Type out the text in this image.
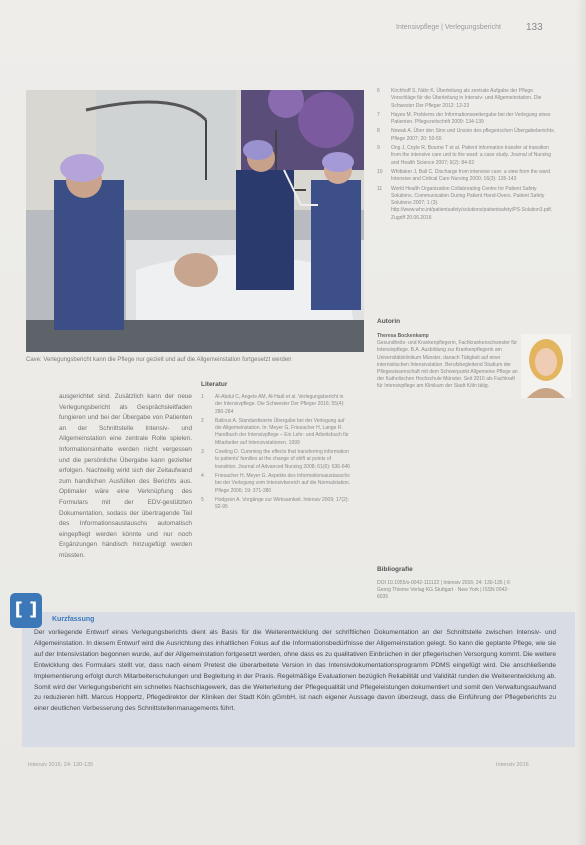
Intensivpflege | Verlegungsbericht	133
Cave: Verlegungsbericht kann die Pflege nur gezielt und auf die Allgemeinstation fortgesetzt werden

ausgerichtet sind. Zusätzlich kann der neue Verlegungsbericht als Gesprächsleitfaden fungieren und bei der Übergabe von Patienten an der Schnittstelle Intensiv- und Allgemeinstation eine zentrale Rolle spielen. Informationsinhalte werden nicht vergessen und die persönliche Übergabe kann gezielter erfolgen. Nachteilig wirkt sich der Zeitaufwand zum handlichen Ausfüllen des Berichts aus. Optimaler wäre eine Verknüpfung des Formulars mit der EDV-gestützten Dokumentation, sodass der übertragende Teil des Informationsaustauschs automatisch eingepflegt werden könnte und nur noch Ergänzungen händisch hinzugefügt werden müssten.

Literatur
1 Al-Abdul C, Angele AM, Al-Hadi et al. Verlegungsbericht in der Intensivpflege. Die Schwester Der Pfleger 2016; 55(4): 280-284
2 Ballnus A. Standardisierte Übergabe bei der Verlegung auf die Allgemeinstation. In: Meyer G, Friesacher H, Lange R. Handbuch der Intensivpflege – Ein Lehr- und Arbeitsbuch für Mitarbeiter auf Intensivstationen. 1999
3 Cowling D. Cumming the effects that transferring information to patients' families at the change of shift at points of transition. Journal of Advanced Nursing 2008; 61(6): 636-646
4 Friesacher H, Meyer G. Aspekte des Informationsaustauschs bei der Verlegung vom Intensivbereich auf die Normalstation. Pflege 2006; 19: 371-380
5 Hodgson A. Vorgänge zur Wirksamkeit. Intensiv 2009; 17(2): 92-95
6 Kirchhoff S, Nähr K. Überleitung als zentrale Aufgabe der Pflege. Vorschläge für die Überleitung in Intensiv- und Allgemeinstation. Die Schwester Der Pfleger 2012: 12-23
7 Hayes M. Problems der Informationsweitergabe bei der Verlegung eines Patienten. Pflegezeitschrift 2009: 134-139
8 Nowak A. Über den Sinn und Unsinn des pflegerischen Übergabeberichts. Pflege 2007; 20: 50-55
9 Ong J, Coyle R, Bourne T et al. Patient information transfer at transition from the intensive care unit to the ward: a case study. Journal of Nursing and Health Science 2007; 9(2): 84-92
10 Whittaker J, Ball C. Discharge from intensive care: a view from the ward. Intensive and Critical Care Nursing 2000; 16(3): 135-143
11 World Health Organization Collaborating Centre for Patient Safety Solutions. Communication During Patient Hand-Overs. Patient Safety Solutions 2007; 1 (3). http://www.who.int/patientsafety/solutions/patientsafety/PS-Solution3.pdf. Zugriff 20.06.2016
Autorin
Theresa Bockenkamp
Gesundheits- und Krankenpflegerin, Fachkrankenschwester für Intensivpflege. B.A. Ausbildung zur Krankenpflegerin am Universitätsklinikum Münster, danach Tätigkeit auf einer internistischen Intensivstation. Berufsbegleitend Studium der Pflegewissenschaft mit dem Schwerpunkt Allgemeine Pflege an der Katholischen Hochschule Münster. Seit 2016 als Fachkraft für Intensivpflege am Klinikum der Stadt Köln tätig.
Bibliografie
DOI 10.1055/s-0042-111122 | Intensiv 2016; 24: 130-135 | © Georg Thieme Verlag KG Stuttgart · New York | ISSN 0942-6035
Kurzfassung
Der vorliegende Entwurf eines Verlegungsberichts dient als Basis für die Weiterentwicklung der schriftlichen Dokumentation an der Schnittstelle zwischen Intensiv- und Allgemeinstation. In diesem Entwurf wird die Ausrichtung des inhaltlichen Fokus auf die Informationsbedürfnisse der Allgemeinstation gelegt. So kann die geplante Pflege, wie sie auf der Intensivstation begonnen wurde, auf der Allgemeinstation fortgesetzt werden, ohne dass es zu qualitativen Einbrüchen in der pflegerischen Versorgung kommt. Die weitere Entwicklung des Formulars stellt vor, dass nach einem Pretest die überarbeitete Version in das Intensivdokumentationsprogramm PDMS eingefügt wird. Die anschließende Implementierung erfolgt durch Mitarbeiterschulungen und Begleitung in der Praxis. Regelmäßige Evaluationen bezüglich Reliabilität und Validität runden die Weiterentwicklung ab. Somit wird der Verlegungsbericht ein schnelles Nachschlagewerk, das die Weiterleitung der Pflegequalität und Pflegeleistungen dokumentiert und somit den Verwaltungsaufwand zu reduzieren hilft. Marcus Hoppertz, Pflegedirektor der Kliniken der Stadt Köln gGmbH, ist nach eigener Aussage davon überzeugt, dass die Einführung der Pflegeberichts zu einer deutlichen Verbesserung des Schnittstellenmanagements führt.
[ ]
Intensiv 2016; 24: 130-135	Intensiv 2016
